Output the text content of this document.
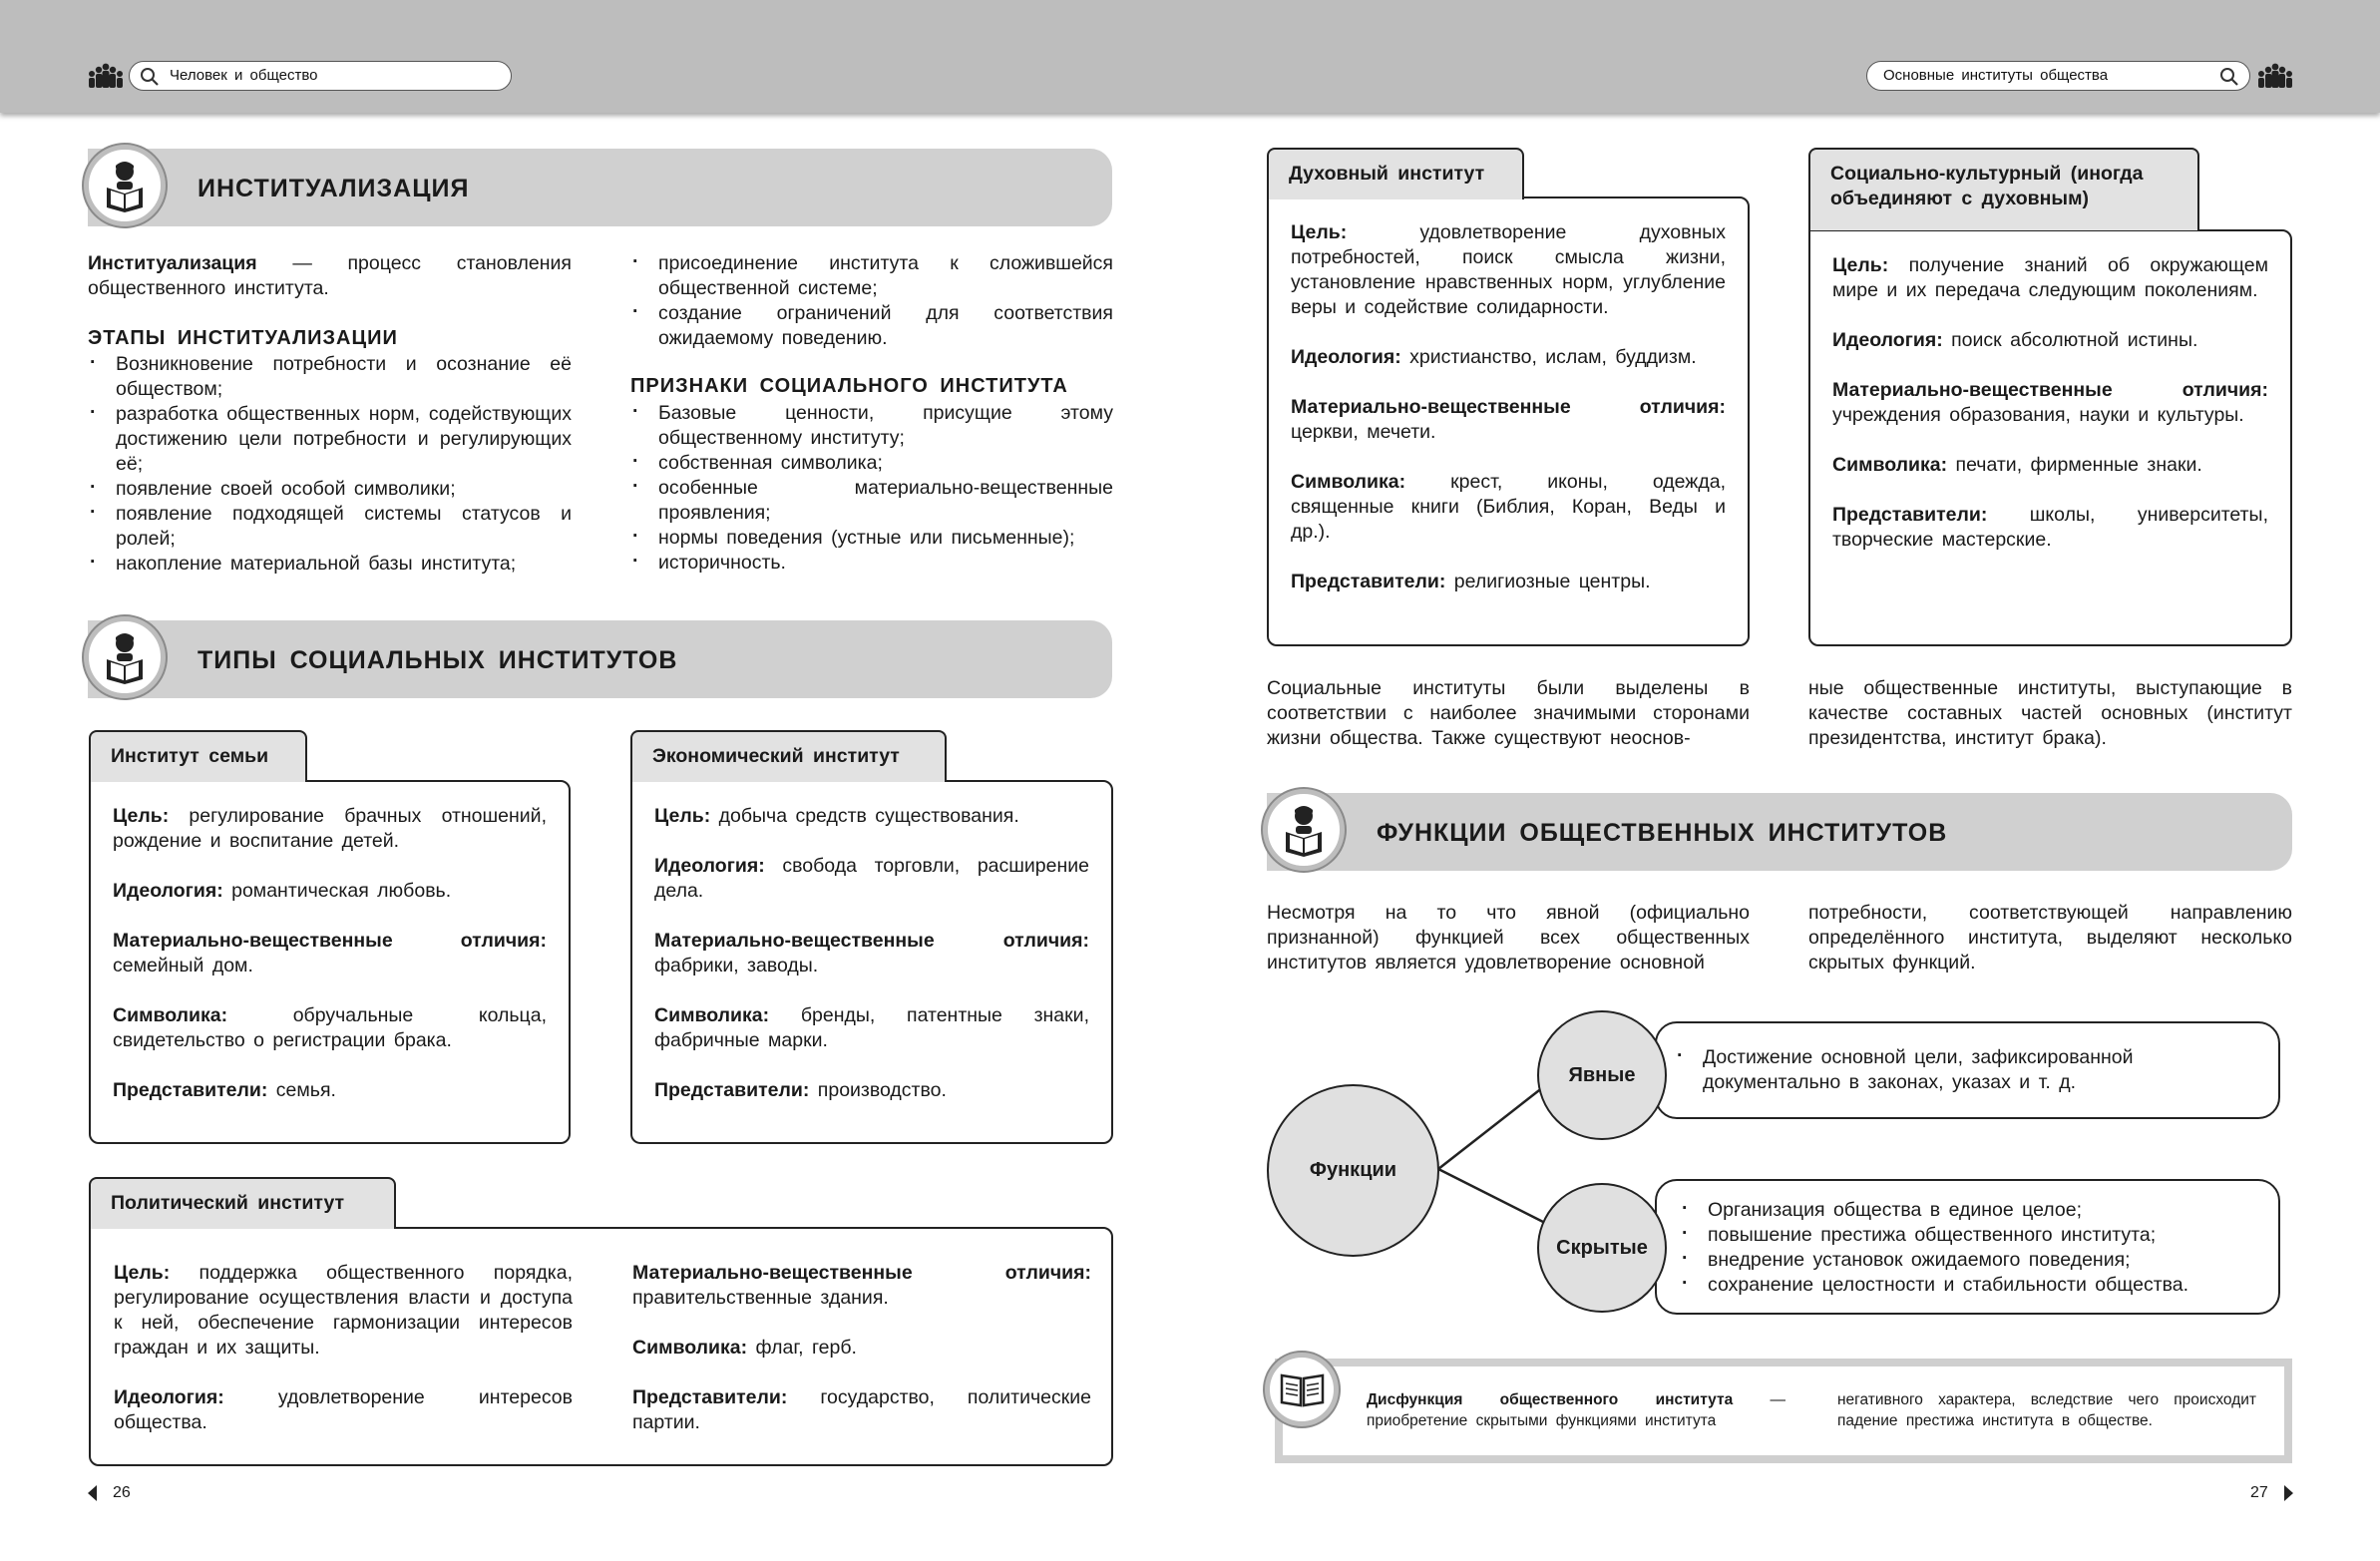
Человек и общество	Основные институты общества
ИНСТИТУАЛИЗАЦИЯ
Институализация — процесс становления общественного института.
ЭТАПЫ ИНСТИТУАЛИЗАЦИИ
· Возникновение потребности и осознание её обществом;
· разработка общественных норм, содействующих достижению цели потребности и регулирующих её;
· появление своей особой символики;
· появление подходящей системы статусов и ролей;
· накопление материальной базы института;
· присоединение института к сложившейся общественной системе;
· создание ограничений для соответствия ожидаемому поведению.
ПРИЗНАКИ СОЦИАЛЬНОГО ИНСТИТУТА
· Базовые ценности, присущие этому общественному институту;
· собственная символика;
· особенные материально-вещественные проявления;
· нормы поведения (устные или письменные);
· историчность.
ТИПЫ СОЦИАЛЬНЫХ ИНСТИТУТОВ
Институт семьи

Цель: регулирование брачных отношений, рождение и воспитание детей.

Идеология: романтическая любовь.

Материально-вещественные отличия: семейный дом.

Символика: обручальные кольца, свидетельство о регистрации брака.

Представители: семья.

Экономический институт

Цель: добыча средств существования.

Идеология: свобода торговли, расширение дела.

Материально-вещественные отличия: фабрики, заводы.

Символика: бренды, патентные знаки, фабричные марки.

Представители: производство.

Политический институт

Цель: поддержка общественного порядка, регулирование осуществления власти и доступа к ней, обеспечение гармонизации интересов граждан и их защиты.

Идеология: удовлетворение интересов общества.

Материально-вещественные отличия: правительственные здания.

Символика: флаг, герб.

Представители: государство, политические партии.

26
Духовный институт

Цель: удовлетворение духовных потребностей, поиск смысла жизни, установление нравственных норм, углубление веры и содействие солидарности.

Идеология: христианство, ислам, буддизм.

Материально-вещественные отличия: церкви, мечети.

Символика: крест, иконы, одежда, священные книги (Библия, Коран, Веды и др.).

Представители: религиозные центры.

Социально-культурный (иногда объединяют с духовным)

Цель: получение знаний об окружающем мире и их передача следующим поколениям.

Идеология: поиск абсолютной истины.

Материально-вещественные отличия: учреждения образования, науки и культуры.

Символика: печати, фирменные знаки.

Представители: школы, университеты, творческие мастерские.

Социальные институты были выделены в соответствии с наиболее значимыми сторонами жизни общества. Также существуют неоснов-
ные общественные институты, выступающие в качестве составных частей основных (институт президентства, институт брака).
ФУНКЦИИ ОБЩЕСТВЕННЫХ ИНСТИТУТОВ
Несмотря на то что явной (официально признанной) функцией всех общественных институтов является удовлетворение основной
потребности, соответствующей направлению определённого института, выделяют несколько скрытых функций.
Функции
· Достижение основной цели, зафиксированной документально в законах, указах и т. д.
Явные
· Организация общества в единое целое;
· повышение престижа общественного института;
· внедрение установок ожидаемого поведения;
· сохранение целостности и стабильности общества.
Скрытые
Дисфункция общественного института — приобретение скрытыми функциями института
негативного характера, вследствие чего происходит падение престижа института в обществе.
27
